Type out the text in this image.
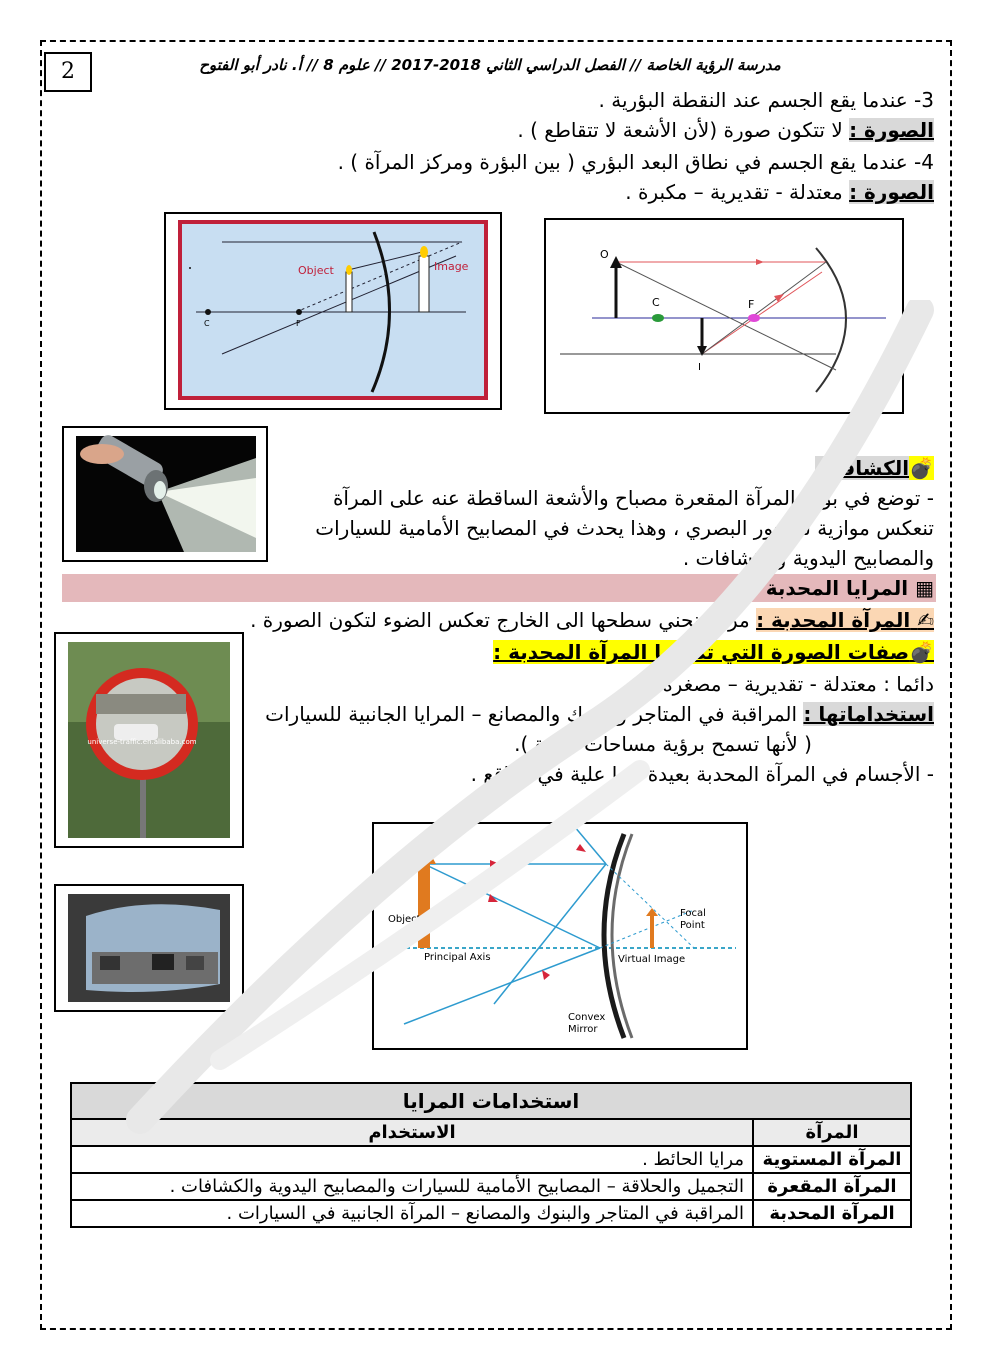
2	مدرسة الرؤية الخاصة // الفصل الدراسي الثاني 2018-2017 // علوم 8 // أ. نادر أبو الفتوح
3- عندما يقع الجسم عند النقطة البؤرية .
الصورة : لا تتكون صورة (لأن الأشعة لا تتقاطع ) .
4- عندما يقع الجسم في نطاق البعد البؤري ( بين البؤرة ومركز المرآة ) .
الصورة : معتدلة - تقديرية – مكبرة .
Object	Image
C	F
O
C	F
I
💣الكشافات
- توضع في بؤرة المرآة المقعرة مصباح والأشعة الساقطة عنه على المرآة
تنعكس موازية للمحور البصري ، وهذا يحدث في المصابيح الأمامية للسيارات
والمصابيح اليدوية والكشافات .
▦ المرايا المحدبة
✍ المرآة المحدبة : مرآة ينحني سطحها الى الخارج تعكس الضوء لتكون الصورة .
💣صفات الصورة التي تكونها المرآة المحدبة :
دائما : معتدلة - تقديرية – مصغرة .
استخداماتها : المراقبة في المتاجر والبنوك والمصانع – المرايا الجانبية للسيارات
( لأنها تسمح برؤية مساحات كبيرة ).
- الأجسام في المرآة المحدبة بعيدة عما علية في الواقع .
universe-traffic.en.alibaba.com
Object
Principal Axis	Virtual Image
Focal Point
Convex Mirror
استخدامات المرايا	
المرآة	الاستخدام
المرآة المستوية	مرايا الحائط .
المرآة المقعرة	التجميل والحلاقة – المصابيح الأمامية للسيارات والمصابيح اليدوية والكشافات .
المرآة المحدبة	المراقبة في المتاجر والبنوك والمصانع – المرآة الجانبية في السيارات .
